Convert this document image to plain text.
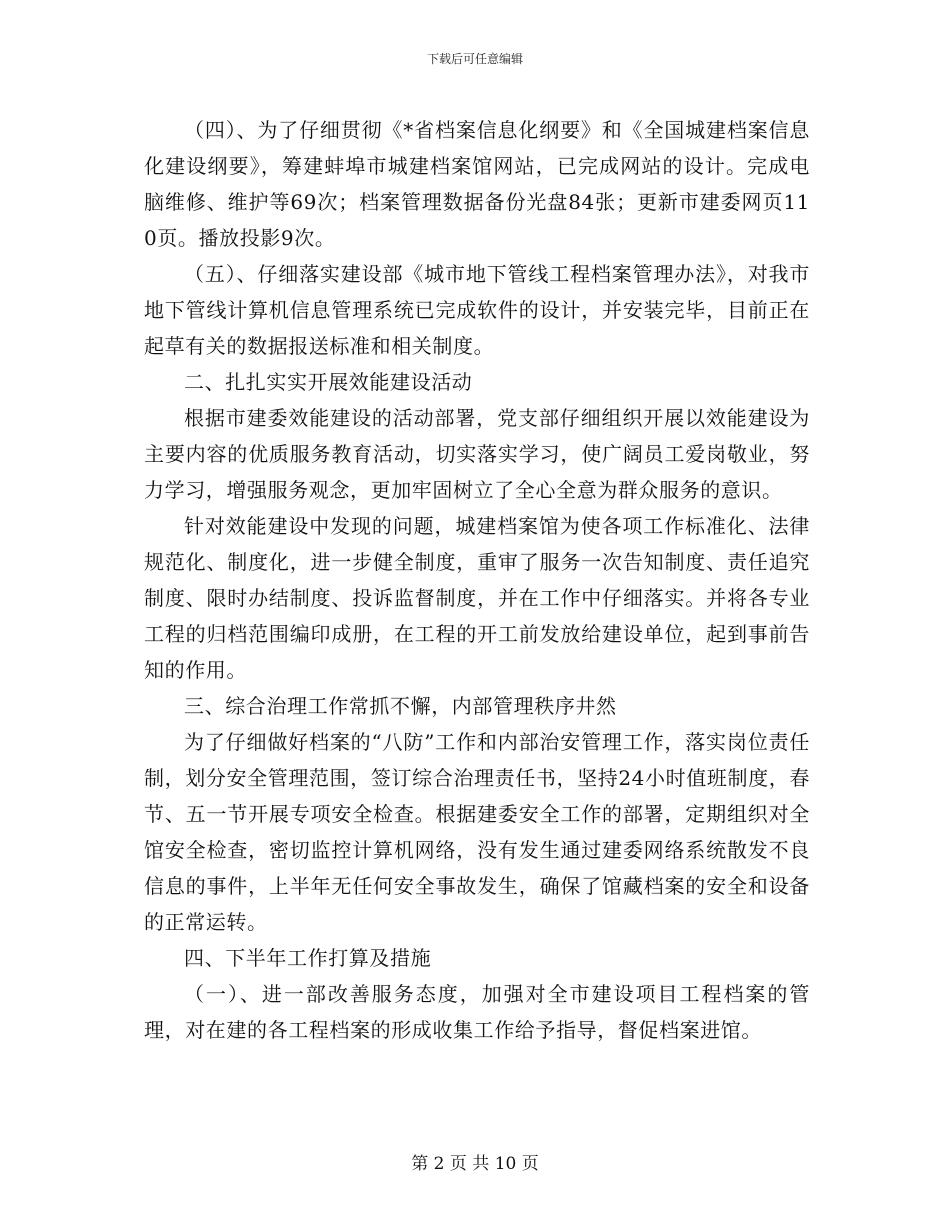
下载后可任意编辑

（四）、为了仔细贯彻《*省档案信息化纲要》和《全国城建档案信息化建设纲要》，筹建蚌埠市城建档案馆网站，已完成网站的设计。完成电脑维修、维护等69次；档案管理数据备份光盘84张；更新市建委网页110页。播放投影9次。

（五）、仔细落实建设部《城市地下管线工程档案管理办法》，对我市地下管线计算机信息管理系统已完成软件的设计，并安装完毕，目前正在起草有关的数据报送标准和相关制度。

二、扎扎实实开展效能建设活动

根据市建委效能建设的活动部署，党支部仔细组织开展以效能建设为主要内容的优质服务教育活动，切实落实学习，使广阔员工爱岗敬业，努力学习，增强服务观念，更加牢固树立了全心全意为群众服务的意识。

针对效能建设中发现的问题，城建档案馆为使各项工作标准化、法律规范化、制度化，进一步健全制度，重审了服务一次告知制度、责任追究制度、限时办结制度、投诉监督制度，并在工作中仔细落实。并将各专业工程的归档范围编印成册，在工程的开工前发放给建设单位，起到事前告知的作用。

三、综合治理工作常抓不懈，内部管理秩序井然

为了仔细做好档案的“八防”工作和内部治安管理工作，落实岗位责任制，划分安全管理范围，签订综合治理责任书，坚持24小时值班制度，春节、五一节开展专项安全检查。根据建委安全工作的部署，定期组织对全馆安全检查，密切监控计算机网络，没有发生通过建委网络系统散发不良信息的事件，上半年无任何安全事故发生，确保了馆藏档案的安全和设备的正常运转。

四、下半年工作打算及措施

（一）、进一部改善服务态度，加强对全市建设项目工程档案的管理，对在建的各工程档案的形成收集工作给予指导，督促档案进馆。

第 2 页 共 10 页
